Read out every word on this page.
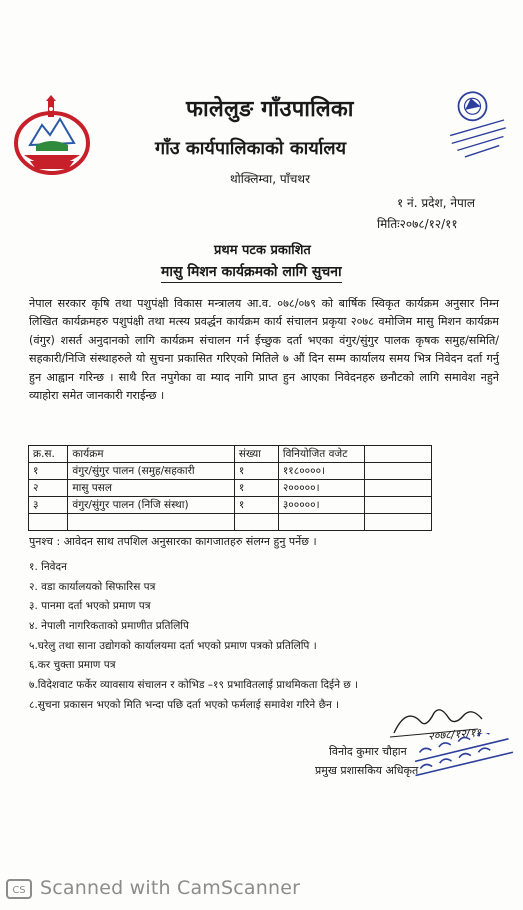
फालेलुङ गाँउपालिका
गाँउ कार्यपालिकाको कार्यालय
थोक्लिम्वा, पाँचथर
१ नं. प्रदेश, नेपाल
मितिः२०७८/१२/११
प्रथम पटक प्रकाशित
मासु मिशन कार्यक्रमको लागि सुचना
नेपाल सरकार कृषि तथा पशुपंक्षी विकास मन्त्रालय आ.व. ०७८/०७९ को बार्षिक स्विकृत कार्यक्रम अनुसार निम्न लिखित कार्यक्रमहरु पशुपंक्षी तथा मत्स्य प्रवर्द्धन कार्यक्रम कार्य संचालन प्रकृया २०७८ वमोजिम मासु मिशन कार्यक्रम (वंगुर) शसर्त अनुदानको लागि कार्यक्रम संचालन गर्न ईच्छुक दर्ता भएका वंगुर/सुंगुर पालक कृषक समुह/समिति/सहकारी/निजि संस्थाहरुले यो सुचना प्रकासित गरिएको मितिले ७ औं दिन सम्म कार्यालय समय भित्र निवेदन दर्ता गर्नु हुन आह्वान गरिन्छ । साथै रित नपुगेका वा म्याद नागि प्राप्त हुन आएका निवेदनहरु छनौटको लागि समावेश नहुने व्याहोरा समेत जानकारी गराईन्छ ।
क्र.स.	कार्यक्रम	संख्या	विनियोजित वजेट	
१	वंगुर/सुंगुर पालन (समुह/सहकारी	१	११८००००।	
२	मासु पसल	१	२०००००।	
३	वंगुर/सुंगुर पालन (निजि संस्था)	१	३०००००।	

पुनश्च : आवेदन साथ तपशिल अनुसारका कागजातहरु संलग्न हुनु पर्नेछ ।
१. निवेदन
२. वडा कार्यालयको सिफारिस पत्र
३. पानमा दर्ता भएको प्रमाण पत्र
४. नेपाली नागरिकताको प्रमाणीत प्रतिलिपि
५.घरेलु तथा साना उद्योगको कार्यालयमा दर्ता भएको प्रमाण पत्रको प्रतिलिपि ।
६.कर चुक्ता प्रमाण पत्र
७.विदेशवाट फर्केर व्यावसाय संचालन र कोभिड –१९ प्रभावितलाई प्राथमिकता दिईने छ ।
८.सुचना प्रकासन भएको मिति भन्दा पछि दर्ता भएको फर्मलाई समावेश गरिने छैन ।
२०७८/१२/११
विनोद कुमार चौहान
प्रमुख प्रशासकिय अधिकृत
CS Scanned with CamScanner
